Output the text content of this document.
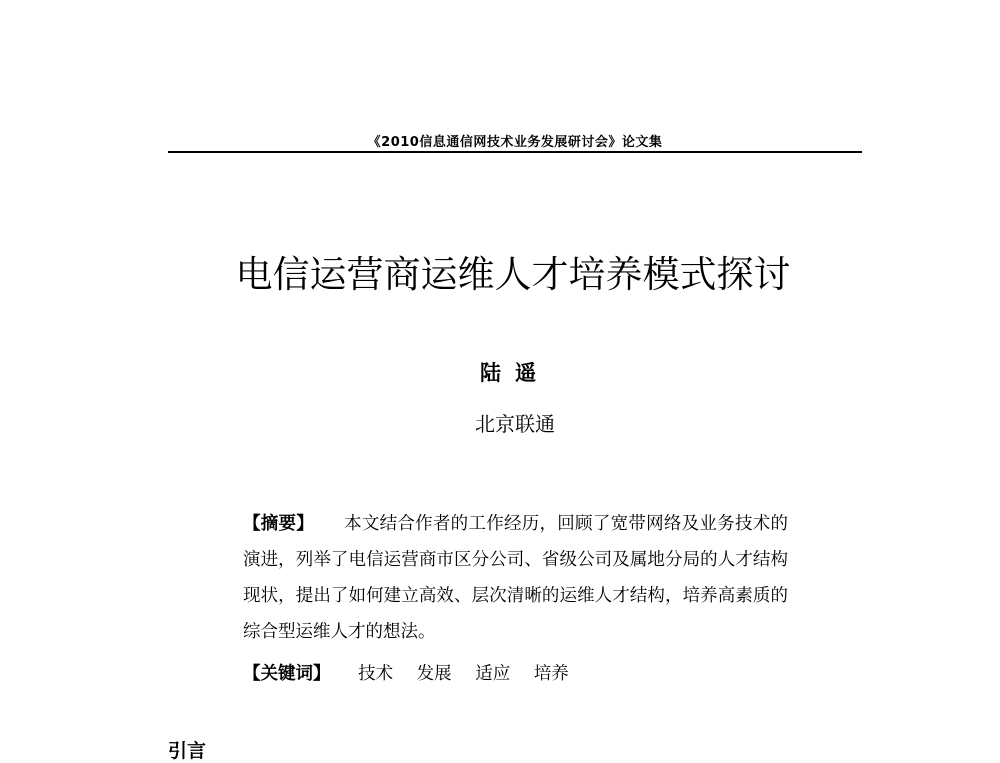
《2010信息通信网技术业务发展研讨会》论文集
电信运营商运维人才培养模式探讨
陆遥
北京联通
【摘要】 本文结合作者的工作经历，回顾了宽带网络及业务技术的演进，列举了电信运营商市区分公司、省级公司及属地分局的人才结构现状，提出了如何建立高效、层次清晰的运维人才结构，培养高素质的综合型运维人才的想法。
【关键词】 技术 发展 适应 培养
引言
